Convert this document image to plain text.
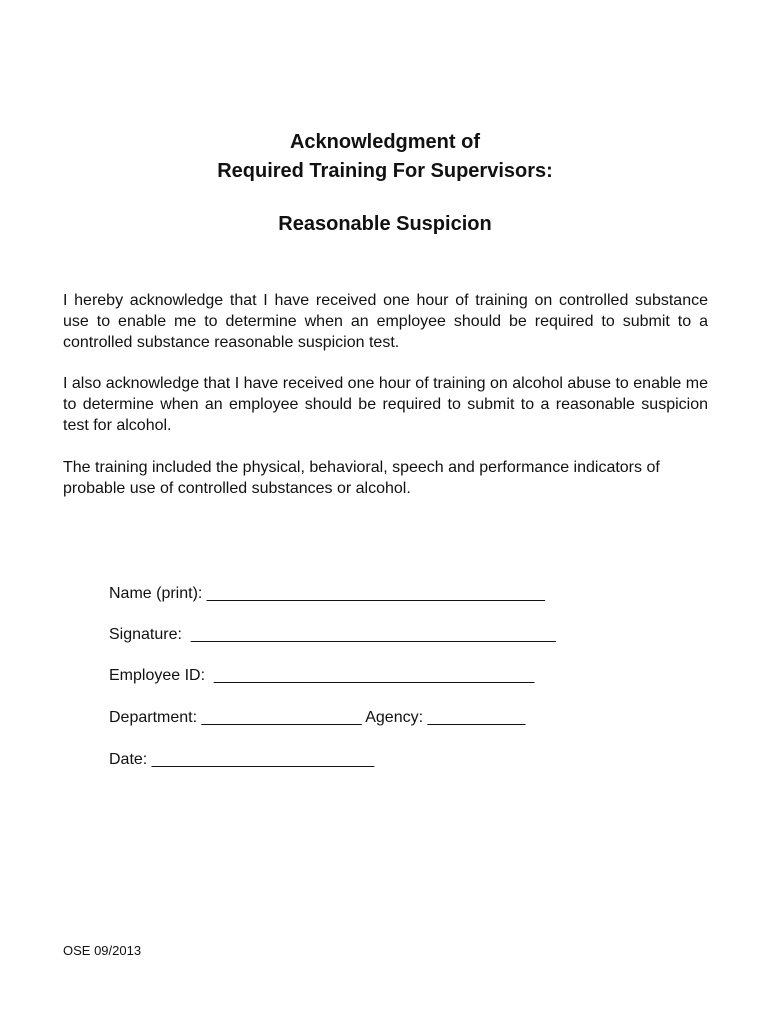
Acknowledgment of
Required Training For Supervisors:
Reasonable Suspicion
I hereby acknowledge that I have received one hour of training on controlled substance use to enable me to determine when an employee should be required to submit to a controlled substance reasonable suspicion test.
I also acknowledge that I have received one hour of training on alcohol abuse to enable me to determine when an employee should be required to submit to a reasonable suspicion test for alcohol.
The training included the physical, behavioral, speech and performance indicators of probable use of controlled substances or alcohol.
Name (print): ______________________________________
Signature:  _________________________________________
Employee ID:  ____________________________________
Department: __________________ Agency: ___________
Date: _________________________
OSE 09/2013
